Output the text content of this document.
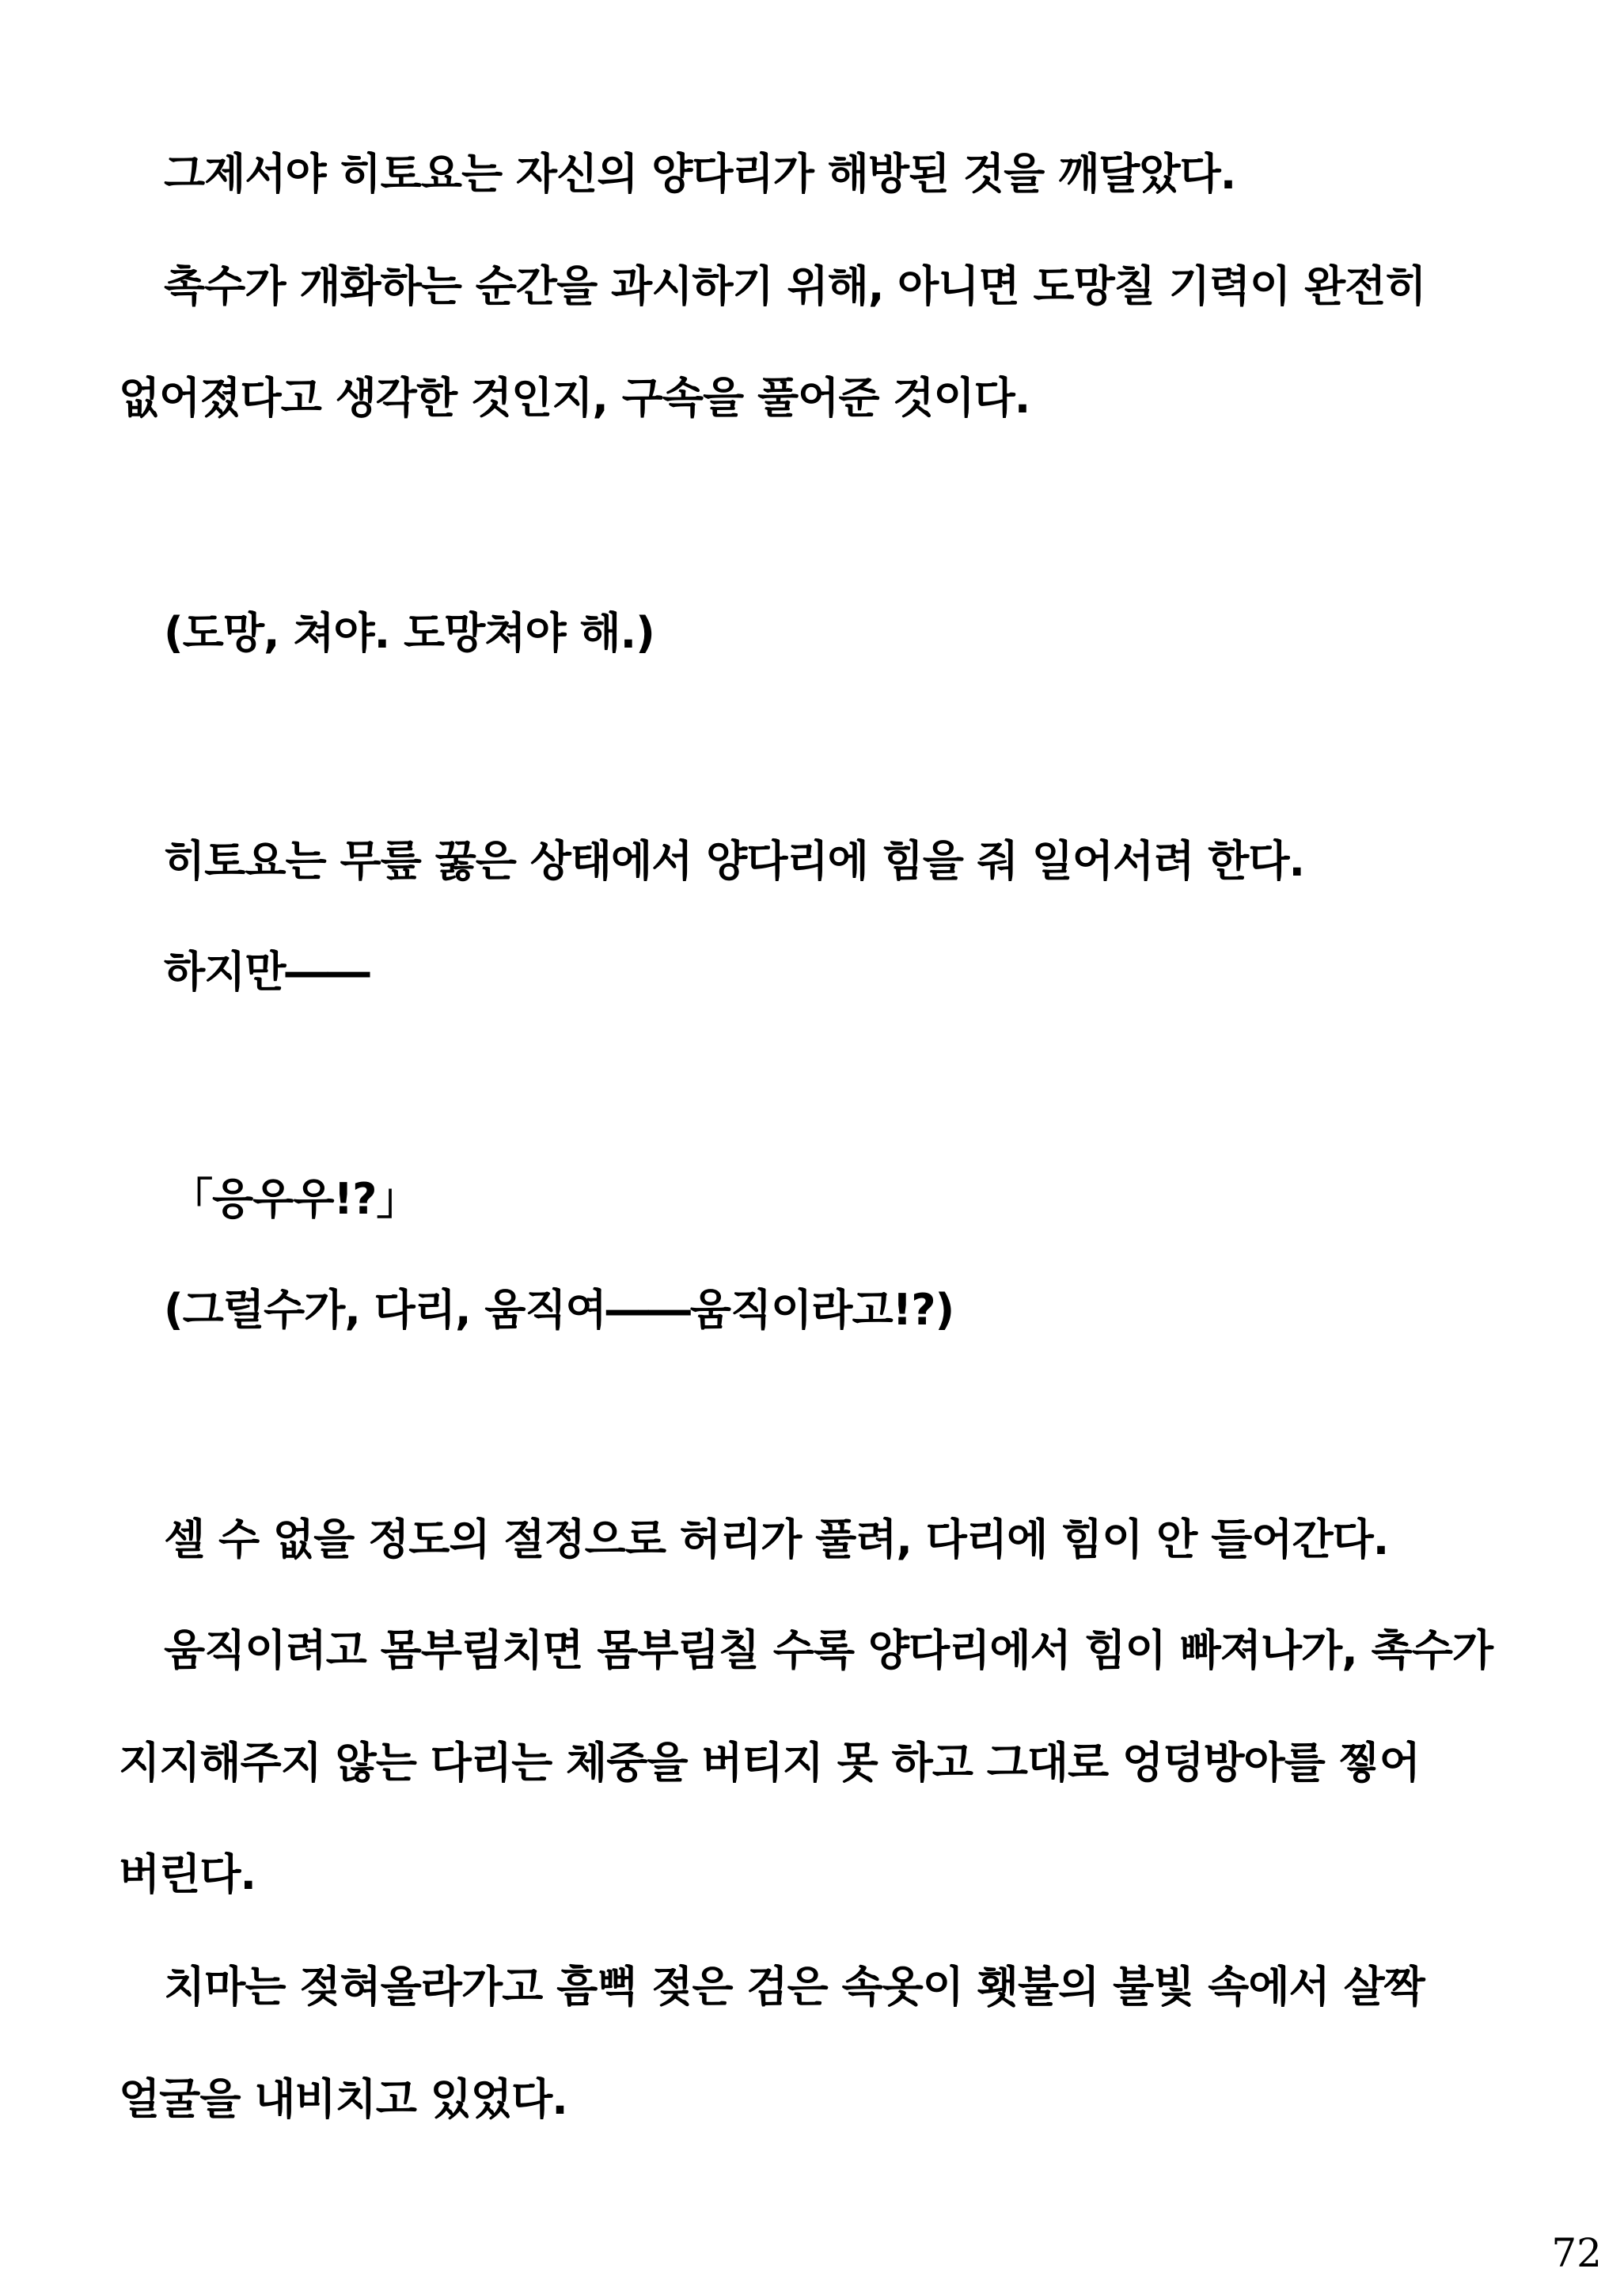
그제서야 히토요는 자신의 양다리가 해방된 것을 깨달았다.
촉수가 개화하는 순간을 과시하기 위해, 아니면 도망칠 기력이 완전히
없어졌다고 생각한 것인지, 구속을 풀어준 것이다.
(도망, 쳐야. 도망쳐야 해.)
히토요는 무릎 꿇은 상태에서 양다리에 힘을 줘 일어서려 한다.
하지만――
「응우우!?」
(그럴수가, 다리, 움직여――움직이라고!?)
셀 수 없을 정도의 절정으로 허리가 풀려, 다리에 힘이 안 들어간다.
움직이려고 몸부림치면 몸부림칠 수록 양다리에서 힘이 빠져나가, 촉수가
지지해주지 않는 다리는 체중을 버티지 못 하고 그대로 엉덩방아를 찧어
버린다.
치마는 젖혀올라가고 흠뻑 젖은 검은 속옷이 횃불의 불빛 속에서 살짝
얼굴을 내비치고 있었다.
72
